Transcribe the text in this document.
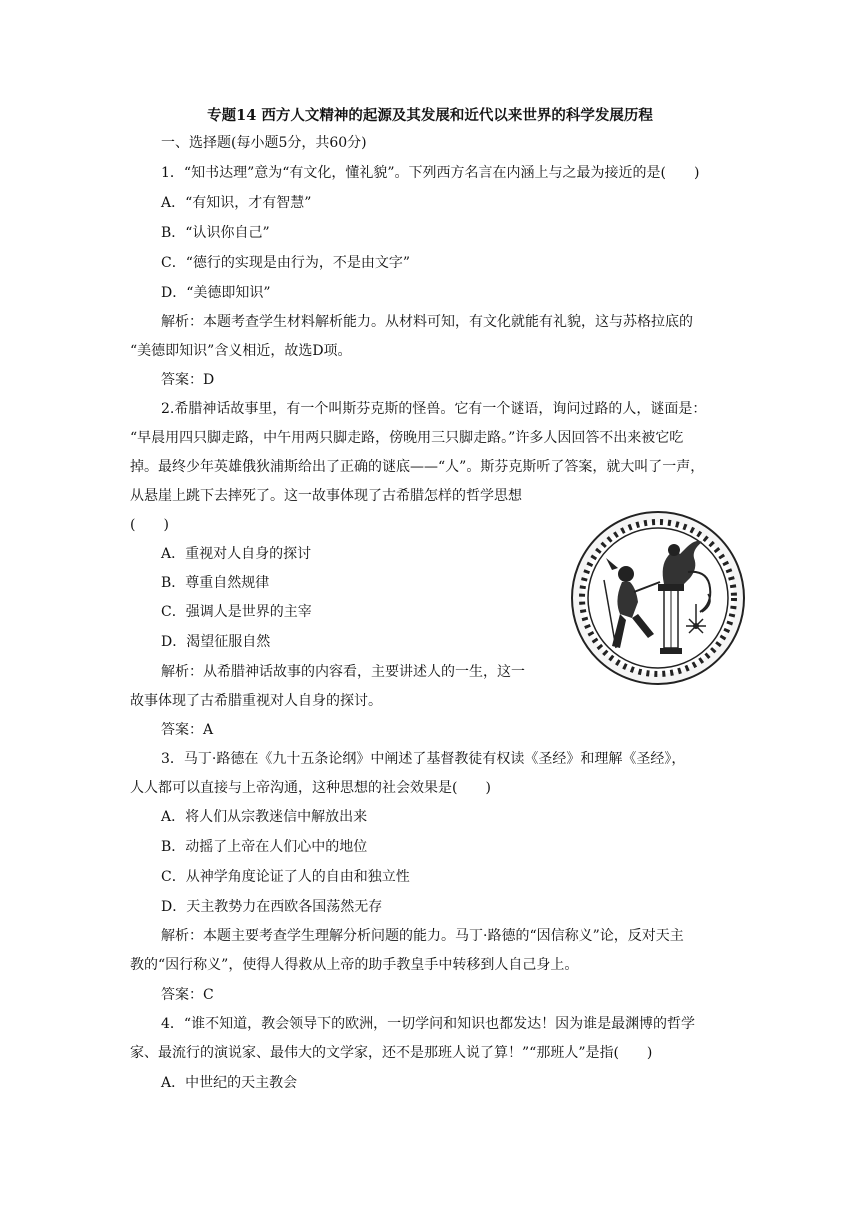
专题14 西方人文精神的起源及其发展和近代以来世界的科学发展历程
一、选择题(每小题5分，共60分)
1．“知书达理”意为“有文化，懂礼貌”。下列西方名言在内涵上与之最为接近的是(　　)
A．“有知识，才有智慧”
B．“认识你自己”
C．“德行的实现是由行为，不是由文字”
D．“美德即知识”
解析：本题考查学生材料解析能力。从材料可知，有文化就能有礼貌，这与苏格拉底的
“美德即知识”含义相近，故选D项。
答案：D
2.希腊神话故事里，有一个叫斯芬克斯的怪兽。它有一个谜语，询问过路的人，谜面是：
“早晨用四只脚走路，中午用两只脚走路，傍晚用三只脚走路。”许多人因回答不出来被它吃
掉。最终少年英雄俄狄浦斯给出了正确的谜底——“人”。斯芬克斯听了答案，就大叫了一声，
从悬崖上跳下去摔死了。这一故事体现了古希腊怎样的哲学思想
(　　)
A．重视对人自身的探讨
B．尊重自然规律
C．强调人是世界的主宰
D．渴望征服自然
解析：从希腊神话故事的内容看，主要讲述人的一生，这一
故事体现了古希腊重视对人自身的探讨。
答案：A
3．马丁·路德在《九十五条论纲》中阐述了基督教徒有权读《圣经》和理解《圣经》，
人人都可以直接与上帝沟通，这种思想的社会效果是(　　)
A．将人们从宗教迷信中解放出来
B．动摇了上帝在人们心中的地位
C．从神学角度论证了人的自由和独立性
D．天主教势力在西欧各国荡然无存
解析：本题主要考查学生理解分析问题的能力。马丁·路德的“因信称义”论，反对天主
教的“因行称义”，使得人得救从上帝的助手教皇手中转移到人自己身上。
答案：C
4．“谁不知道，教会领导下的欧洲，一切学问和知识也都发达！因为谁是最渊博的哲学
家、最流行的演说家、最伟大的文学家，还不是那班人说了算！”“那班人”是指(　　)
A．中世纪的天主教会
